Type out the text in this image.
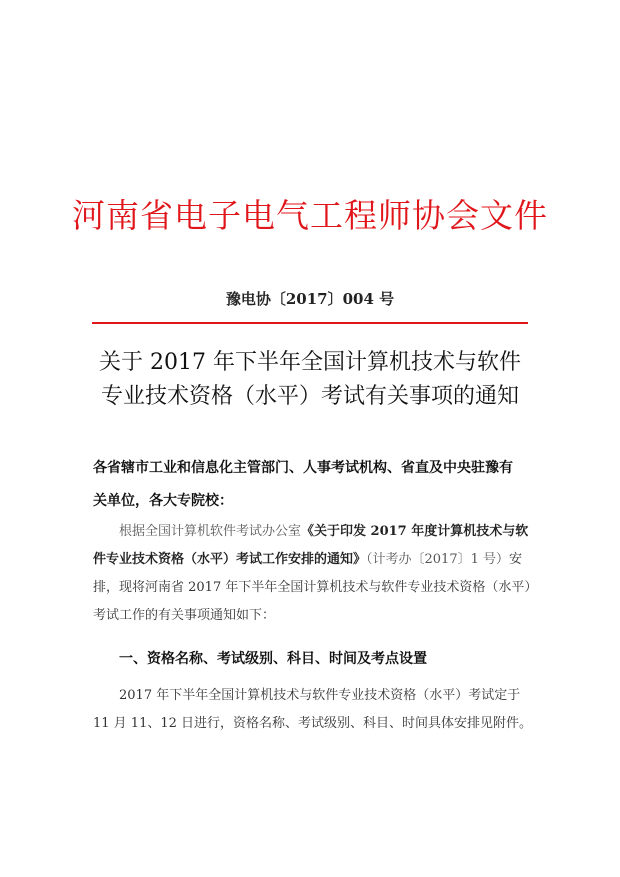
河南省电子电气工程师协会文件
豫电协〔2017〕004 号
关于 2017 年下半年全国计算机技术与软件
专业技术资格（水平）考试有关事项的通知
各省辖市工业和信息化主管部门、人事考试机构、省直及中央驻豫有
关单位，各大专院校：
根据全国计算机软件考试办公室《关于印发 2017 年度计算机技术与软件专业技术资格（水平）考试工作安排的通知》（计考办〔2017〕1 号）安排，现将河南省 2017 年下半年全国计算机技术与软件专业技术资格（水平）考试工作的有关事项通知如下：
一、资格名称、考试级别、科目、时间及考点设置
2017 年下半年全国计算机技术与软件专业技术资格（水平）考试定于 11 月 11、12 日进行，资格名称、考试级别、科目、时间具体安排见附件。
